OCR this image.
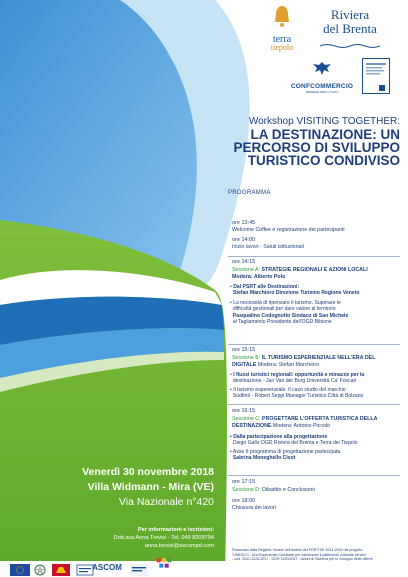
terra
tiepolo
Riviera
del Brenta
CONFCOMMERCIO
IMPRESE PER L'ITALIA
Workshop VISITING TOGETHER:
LA DESTINAZIONE: UN
PERCORSO DI SVILUPPO
TURISTICO CONDIVISO
PROGRAMMA
ore 13:45
Welcome Coffee e registrazione dei partecipanti
ore 14:00
Inizio lavori - Saluti istituzionali
ore 14:15
Sessione A: STRATEGIE REGIONALI E AZIONI LOCALI
Modera: Alberto Polo
• Dal PSRT alle Destinazioni:
Stefan Marchioro Direzione Turismo Regione Veneto
• La necessità di ripensare il turismo. Superare le
difficoltà gestionali per dare valore al territorio
Pasqualino Codognotto Sindaco di San Michele
al Tagliamento Presidente dell'OGD Bibione
ore 15:15
Sessione B: IL TURISMO ESPERIENZIALE NELL'ERA DEL
DIGITALE Modera: Stefan Marchioro
• I flussi turistici regionali: opportunità e minacce per la
destinazione - Jan Van der Borg Università Ca' Foscari
• Il turismo esperienziale. Il caso studio del marchio
Südtirol - Robert Seppi Manager Turistico Città di Bolzano
ore 16:15
Sessione C: PROGETTARE L'OFFERTA TURISTICA DELLA
DESTINAZIONE Modera: Antonio Piccolo
• Dalla partecipazione alla progettazione
Diego Gallo OGD Riviera del Brenta e Terra dei Tiepolo
• Asse II programma di progettazione partecipata
Sabrina Moneghello Cisot
ore 17:15
Sessione D: Dibattito e Conclusioni
ore 18:00
Chiusura dei lavori
Venerdì 30 novembre 2018
Villa Widmann - Mira (VE)
Via Nazionale n°420
Per informazioni e iscrizioni:
Dott.ssa Anna Trevisi - Tel. 049 8209794
anna.trevisi@ascompd.com
Finanziato dalla Regione Veneto nell'ambito del POR FSE 2014-2020 nel progetto
"UNESCO - Uno Esperienze Condivise per valorizzare il patrimonio culturale veneto"
- cod. 3541-1220-2017 - DGR 1220/2017 - Azioni di Sistema per lo Sviluppo delle offerte
ASCOM
